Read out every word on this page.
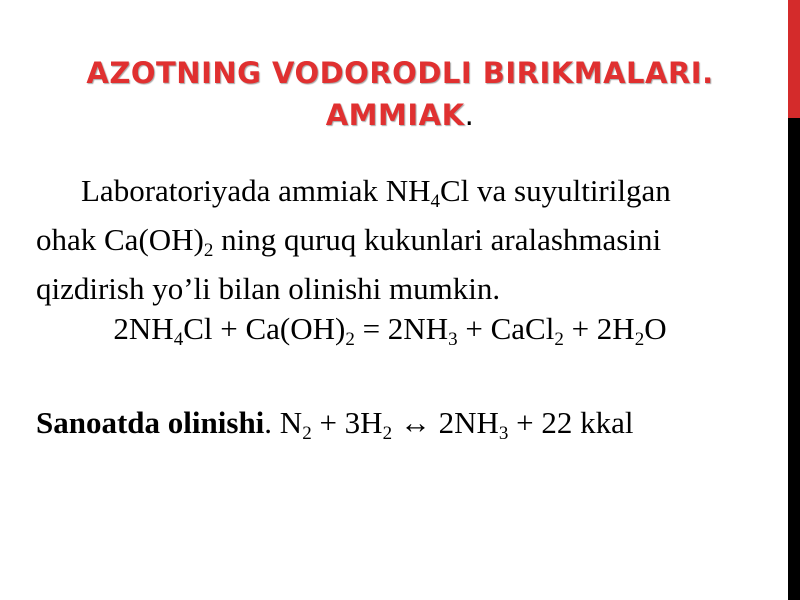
AZOTNING VODORODLI BIRIKMALARI.
AMMIAK.
Laboratoriyada ammiak $NH_4Cl$ va suyultirilgan
ohak $Ca(OH)_2$ ning quruq kukunlari aralashmasini
qizdirish yo’li bilan olinishi mumkin.
$2NH_4Cl + Ca(OH)_2 = 2NH_3$ + CaCl$_2$ + $2H_2O$
Sanoatda olinishi. $N_2 + 3H_2$ ↔ $2NH_3 + 22$ kkal
